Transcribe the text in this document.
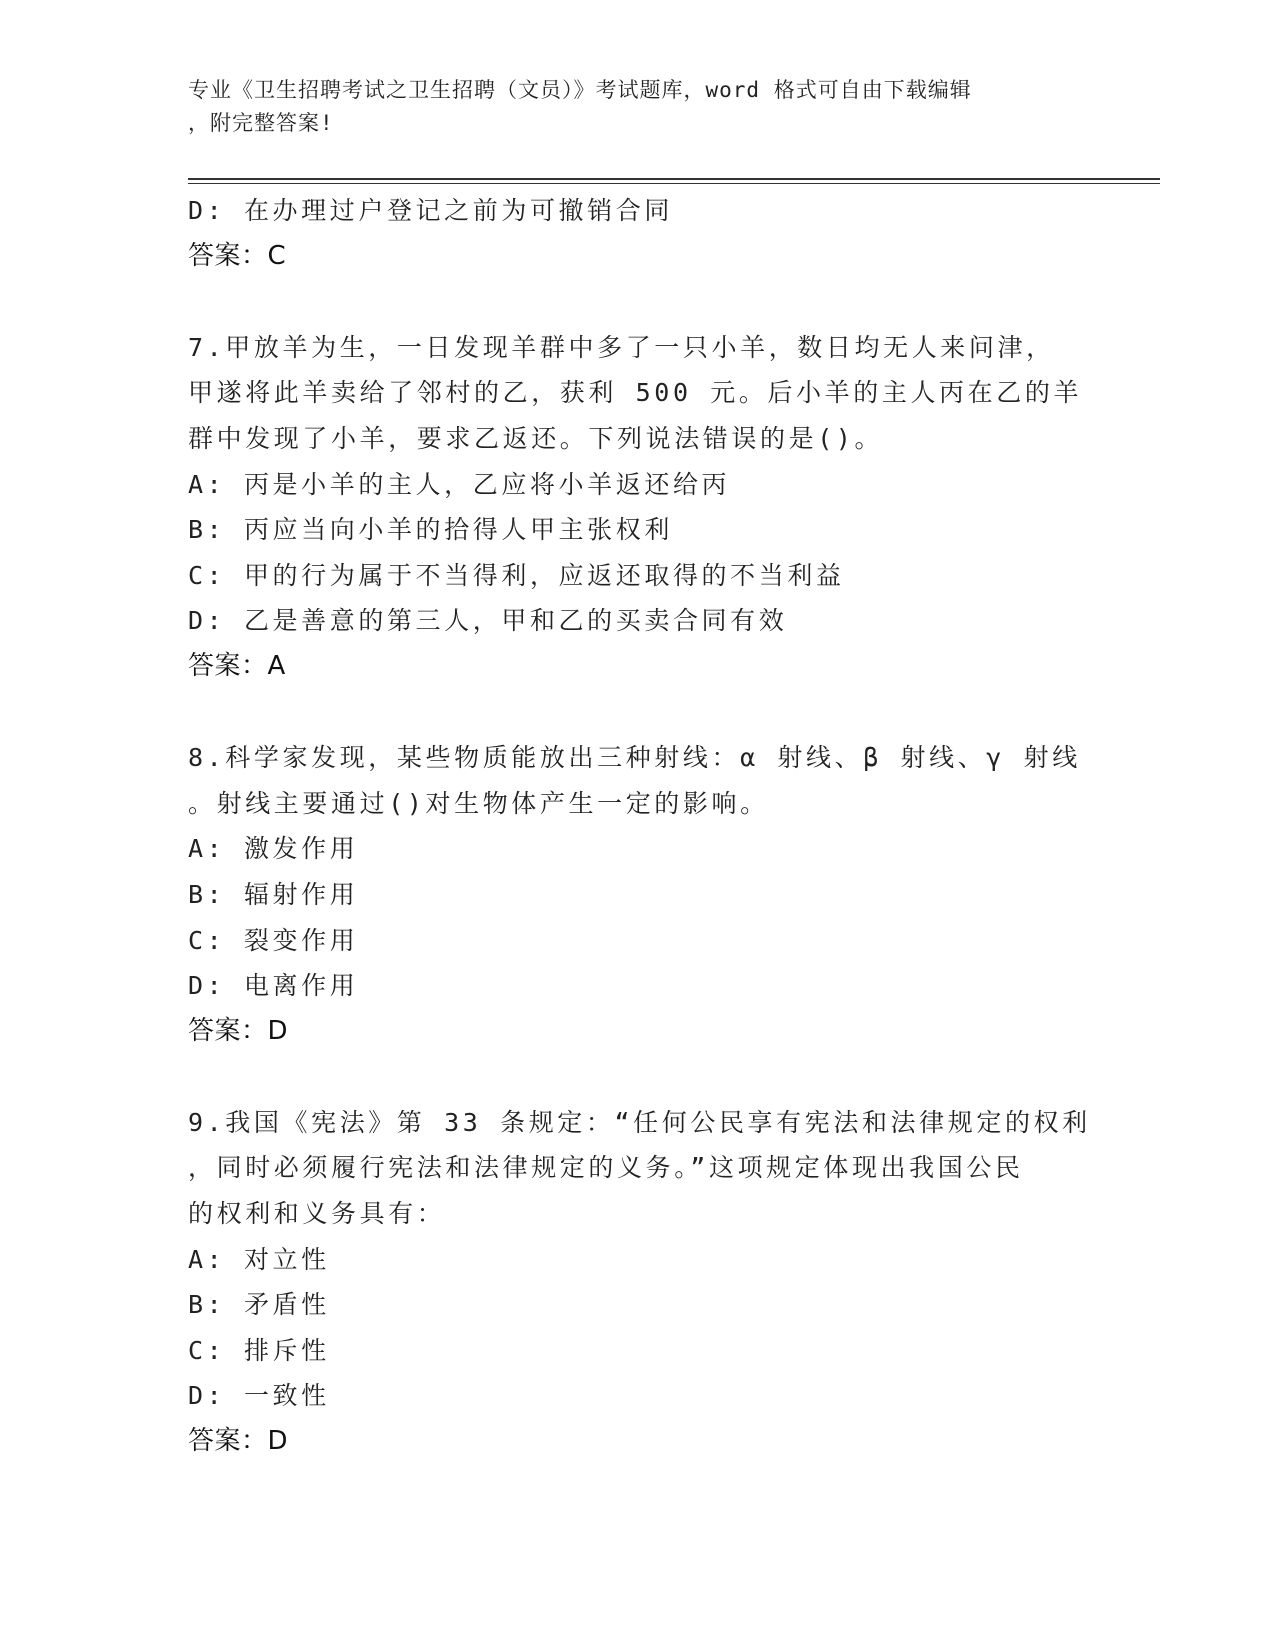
专业《卫生招聘考试之卫生招聘（文员）》考试题库，word 格式可自由下载编辑
，附完整答案!
D: 在办理过户登记之前为可撤销合同
答案：C
7.甲放羊为生，一日发现羊群中多了一只小羊，数日均无人来问津，
甲遂将此羊卖给了邻村的乙，获利 500 元。后小羊的主人丙在乙的羊
群中发现了小羊，要求乙返还。下列说法错误的是()。
A: 丙是小羊的主人，乙应将小羊返还给丙
B: 丙应当向小羊的拾得人甲主张权利
C: 甲的行为属于不当得利，应返还取得的不当利益
D: 乙是善意的第三人，甲和乙的买卖合同有效
答案：A
8.科学家发现，某些物质能放出三种射线：α 射线、β 射线、γ 射线
。射线主要通过()对生物体产生一定的影响。
A: 激发作用
B: 辐射作用
C: 裂变作用
D: 电离作用
答案：D
9.我国《宪法》第 33 条规定：“任何公民享有宪法和法律规定的权利
，同时必须履行宪法和法律规定的义务。”这项规定体现出我国公民
的权利和义务具有：
A: 对立性
B: 矛盾性
C: 排斥性
D: 一致性
答案：D
